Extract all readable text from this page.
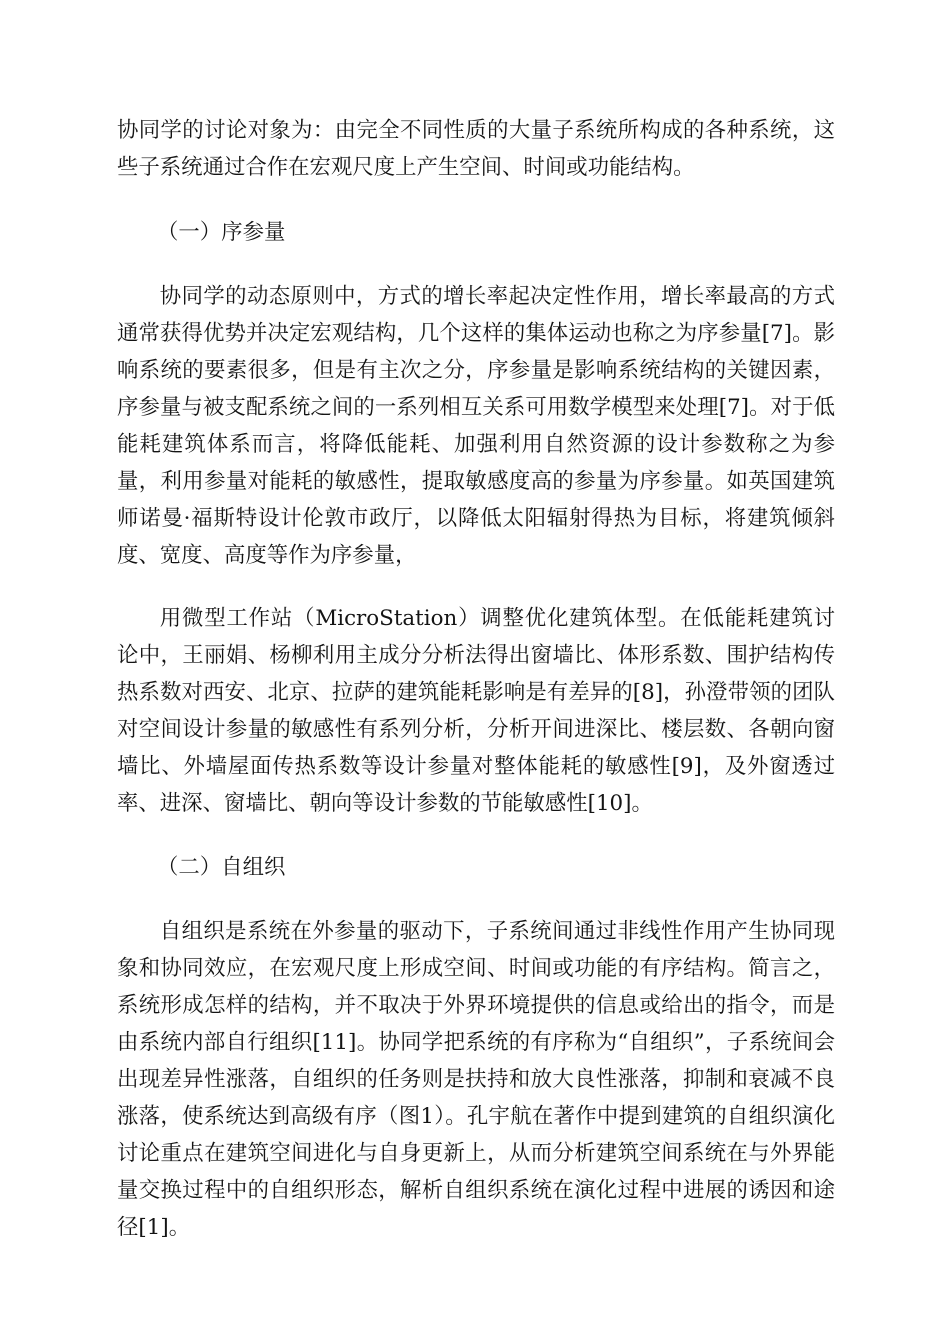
协同学的讨论对象为：由完全不同性质的大量子系统所构成的各种系统，这些子系统通过合作在宏观尺度上产生空间、时间或功能结构。

（一）序参量

协同学的动态原则中，方式的增长率起决定性作用，增长率最高的方式通常获得优势并决定宏观结构，几个这样的集体运动也称之为序参量[7]。影响系统的要素很多，但是有主次之分，序参量是影响系统结构的关键因素，序参量与被支配系统之间的一系列相互关系可用数学模型来处理[7]。对于低能耗建筑体系而言，将降低能耗、加强利用自然资源的设计参数称之为参量，利用参量对能耗的敏感性，提取敏感度高的参量为序参量。如英国建筑师诺曼·福斯特设计伦敦市政厅，以降低太阳辐射得热为目标，将建筑倾斜度、宽度、高度等作为序参量，

用微型工作站（MicroStation）调整优化建筑体型。在低能耗建筑讨论中，王丽娟、杨柳利用主成分分析法得出窗墙比、体形系数、围护结构传热系数对西安、北京、拉萨的建筑能耗影响是有差异的[8]，孙澄带领的团队对空间设计参量的敏感性有系列分析，分析开间进深比、楼层数、各朝向窗墙比、外墙屋面传热系数等设计参量对整体能耗的敏感性[9]，及外窗透过率、进深、窗墙比、朝向等设计参数的节能敏感性[10]。

（二）自组织

自组织是系统在外参量的驱动下，子系统间通过非线性作用产生协同现象和协同效应，在宏观尺度上形成空间、时间或功能的有序结构。简言之，系统形成怎样的结构，并不取决于外界环境提供的信息或给出的指令，而是由系统内部自行组织[11]。协同学把系统的有序称为“自组织”，子系统间会出现差异性涨落，自组织的任务则是扶持和放大良性涨落，抑制和衰减不良涨落，使系统达到高级有序（图1）。孔宇航在著作中提到建筑的自组织演化讨论重点在建筑空间进化与自身更新上，从而分析建筑空间系统在与外界能量交换过程中的自组织形态，解析自组织系统在演化过程中进展的诱因和途径[1]。
